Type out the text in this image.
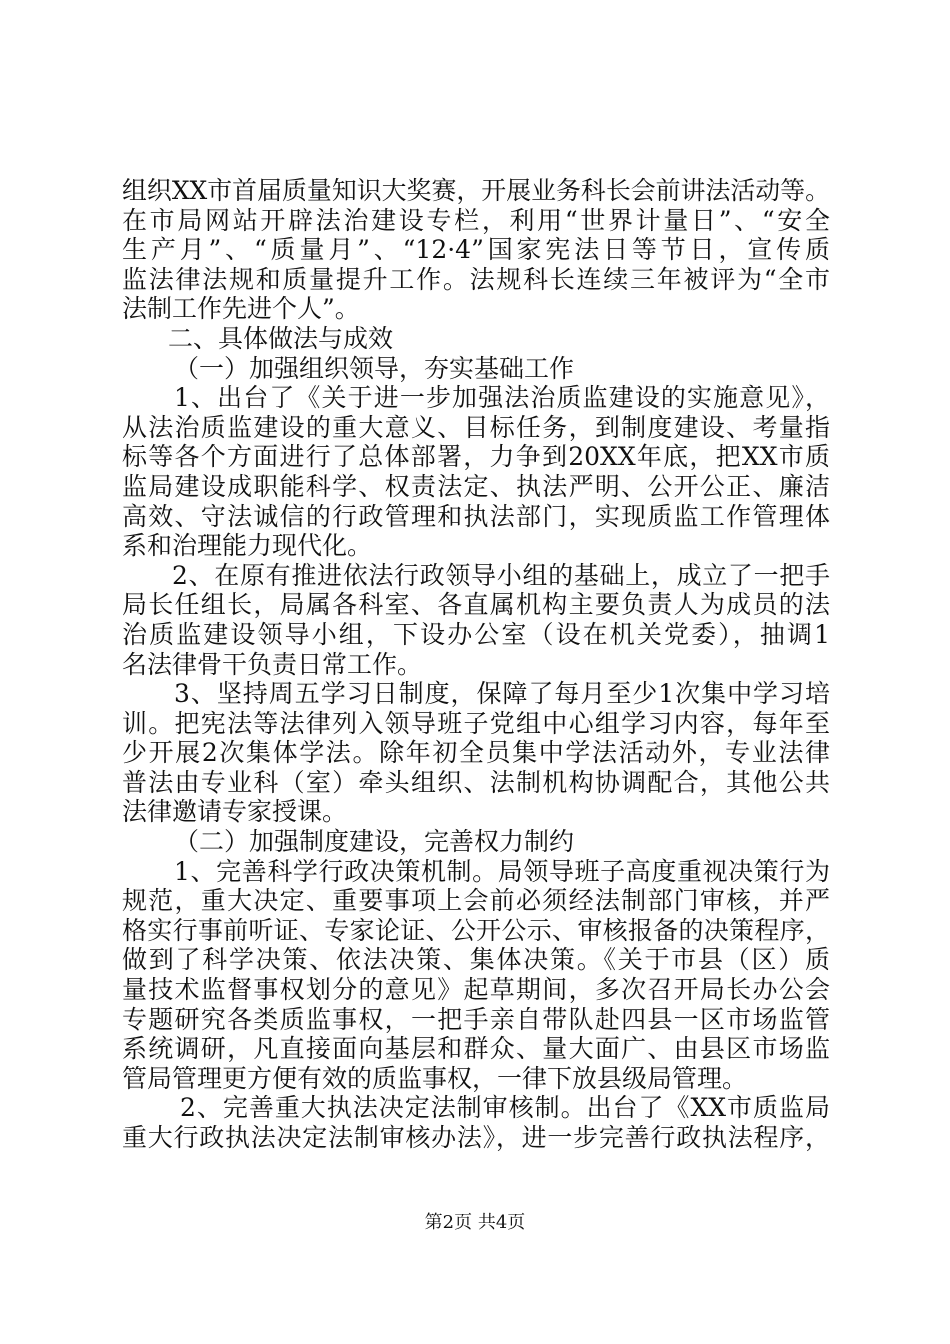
组织XX市首届质量知识大奖赛，开展业务科长会前讲法活动等。
在市局网站开辟法治建设专栏，利用“世界计量日”、“安全
生产月”、“质量月”、“12·4”国家宪法日等节日，宣传质
监法律法规和质量提升工作。法规科长连续三年被评为“全市
法制工作先进个人”。
二、具体做法与成效
（一）加强组织领导，夯实基础工作
1、出台了《关于进一步加强法治质监建设的实施意见》，
从法治质监建设的重大意义、目标任务，到制度建设、考量指
标等各个方面进行了总体部署，力争到20XX年底，把XX市质
监局建设成职能科学、权责法定、执法严明、公开公正、廉洁
高效、守法诚信的行政管理和执法部门，实现质监工作管理体
系和治理能力现代化。
2、在原有推进依法行政领导小组的基础上，成立了一把手
局长任组长，局属各科室、各直属机构主要负责人为成员的法
治质监建设领导小组，下设办公室（设在机关党委），抽调1
名法律骨干负责日常工作。
3、坚持周五学习日制度，保障了每月至少1次集中学习培
训。把宪法等法律列入领导班子党组中心组学习内容，每年至
少开展2次集体学法。除年初全员集中学法活动外，专业法律
普法由专业科（室）牵头组织、法制机构协调配合，其他公共
法律邀请专家授课。
（二）加强制度建设，完善权力制约
1、完善科学行政决策机制。局领导班子高度重视决策行为
规范，重大决定、重要事项上会前必须经法制部门审核，并严
格实行事前听证、专家论证、公开公示、审核报备的决策程序，
做到了科学决策、依法决策、集体决策。《关于市县（区）质
量技术监督事权划分的意见》起草期间，多次召开局长办公会
专题研究各类质监事权，一把手亲自带队赴四县一区市场监管
系统调研，凡直接面向基层和群众、量大面广、由县区市场监
管局管理更方便有效的质监事权，一律下放县级局管理。
2、完善重大执法决定法制审核制。出台了《XX市质监局
重大行政执法决定法制审核办法》，进一步完善行政执法程序，
第2页 共4页
